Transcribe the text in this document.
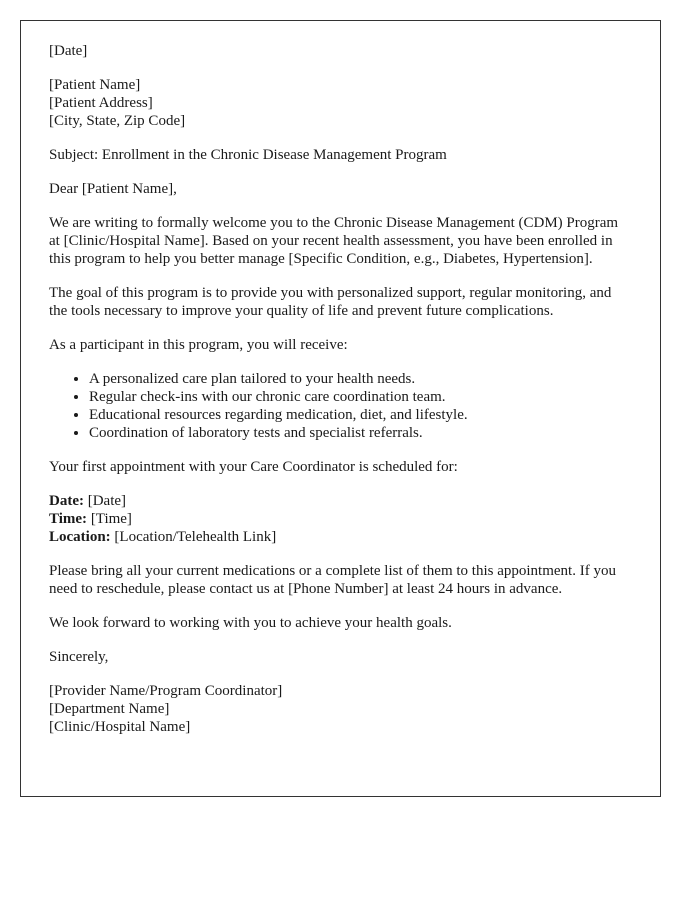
[Date]

[Patient Name]
[Patient Address]
[City, State, Zip Code]

Subject: Enrollment in the Chronic Disease Management Program

Dear [Patient Name],

We are writing to formally welcome you to the Chronic Disease Management (CDM) Program at [Clinic/Hospital Name]. Based on your recent health assessment, you have been enrolled in this program to help you better manage [Specific Condition, e.g., Diabetes, Hypertension].

The goal of this program is to provide you with personalized support, regular monitoring, and the tools necessary to improve your quality of life and prevent future complications.

As a participant in this program, you will receive:

• A personalized care plan tailored to your health needs.
• Regular check-ins with our chronic care coordination team.
• Educational resources regarding medication, diet, and lifestyle.
• Coordination of laboratory tests and specialist referrals.

Your first appointment with your Care Coordinator is scheduled for:

Date: [Date]
Time: [Time]
Location: [Location/Telehealth Link]

Please bring all your current medications or a complete list of them to this appointment. If you need to reschedule, please contact us at [Phone Number] at least 24 hours in advance.

We look forward to working with you to achieve your health goals.

Sincerely,

[Provider Name/Program Coordinator]
[Department Name]
[Clinic/Hospital Name]
